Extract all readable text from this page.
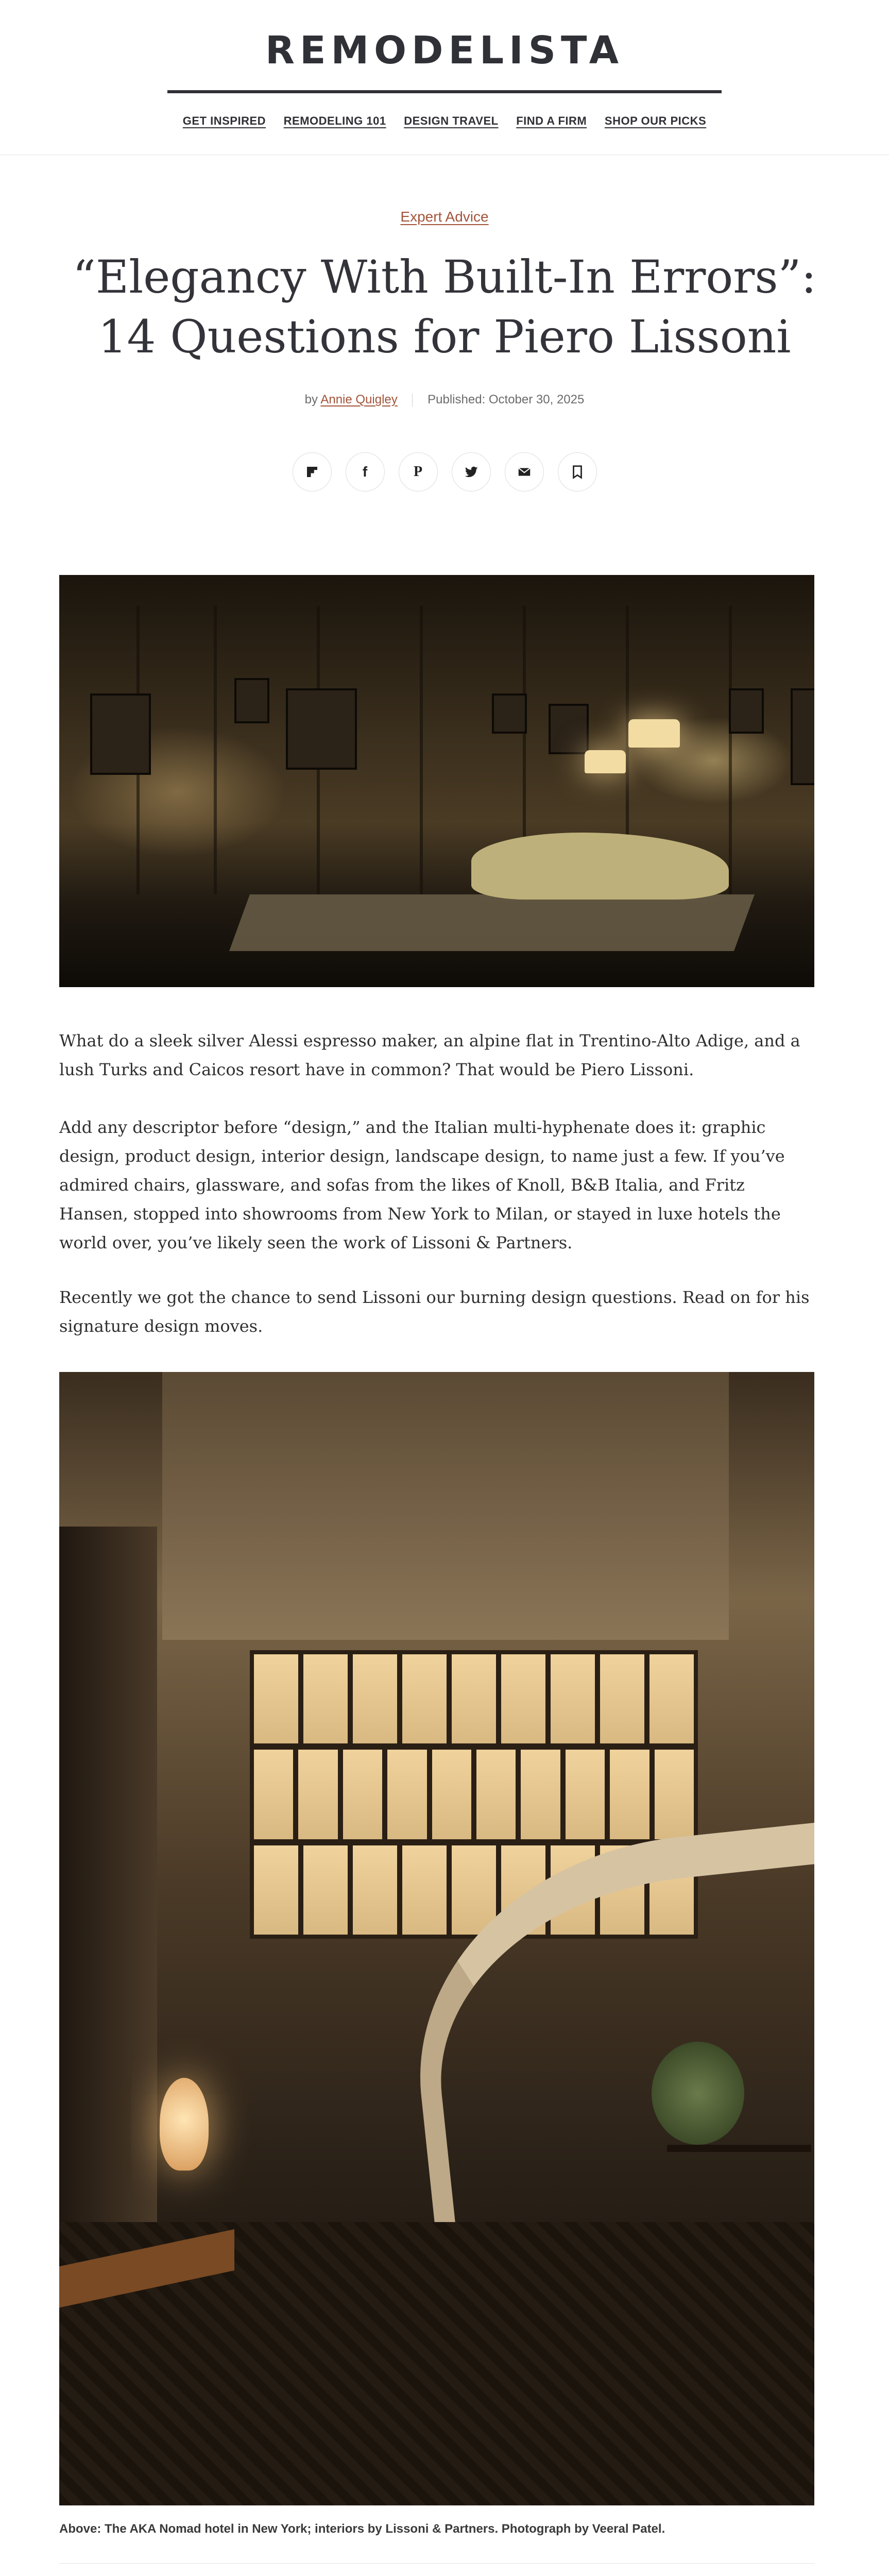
REMODELISTA
GET INSPIRED REMODELING 101 DESIGN TRAVEL FIND A FIRM SHOP OUR PICKS
Expert Advice
“Elegancy With Built-In Errors”:
14 Questions for Piero Lissoni
by Annie Quigley Published: October 30, 2025
f	P

What do a sleek silver Alessi espresso maker, an alpine flat in Trentino-Alto Adige, and a lush Turks and Caicos resort have in common? That would be Piero Lissoni.

Add any descriptor before “design,” and the Italian multi-hyphenate does it: graphic design, product design, interior design, landscape design, to name just a few. If you’ve admired chairs, glassware, and sofas from the likes of Knoll, B&B Italia, and Fritz Hansen, stopped into showrooms from New York to Milan, or stayed in luxe hotels the world over, you’ve likely seen the work of Lissoni & Partners.

Recently we got the chance to send Lissoni our burning design questions. Read on for his signature design moves.

Above: The AKA Nomad hotel in New York; interiors by Lissoni & Partners. Photograph by Veeral Patel.
